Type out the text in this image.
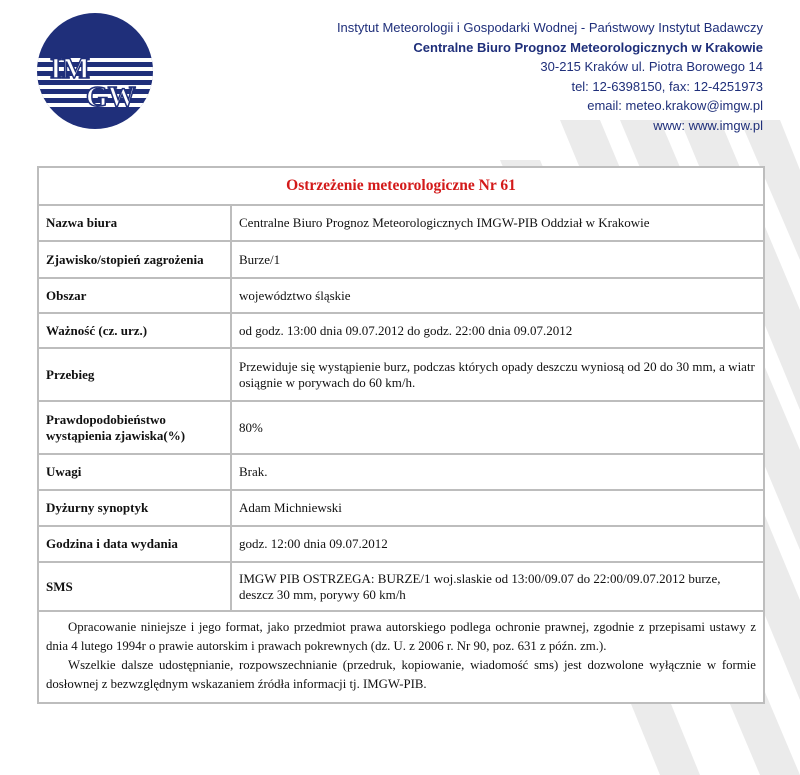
IM
GW
Instytut Meteorologii i Gospodarki Wodnej - Państwowy Instytut Badawczy
Centralne Biuro Prognoz Meteorologicznych w Krakowie
30-215 Kraków ul. Piotra Borowego 14
tel: 12-6398150, fax: 12-4251973
email: meteo.krakow@imgw.pl
www: www.imgw.pl
Ostrzeżenie meteorologiczne Nr 61	
Nazwa biura	Centralne Biuro Prognoz Meteorologicznych IMGW-PIB Oddział w Krakowie
Zjawisko/stopień zagrożenia	Burze/1
Obszar	województwo śląskie
Ważność (cz. urz.)	od godz. 13:00 dnia 09.07.2012 do godz. 22:00 dnia 09.07.2012
Przebieg	Przewiduje się wystąpienie burz, podczas których opady deszczu wyniosą od 20 do 30 mm, a wiatr osiągnie w porywach do 60 km/h.
Prawdopodobieństwo wystąpienia zjawiska(%)	80%
Uwagi	Brak.
Dyżurny synoptyk	Adam Michniewski
Godzina i data wydania	godz. 12:00 dnia 09.07.2012
SMS	IMGW PIB OSTRZEGA: BURZE/1 woj.slaskie od 13:00/09.07 do 22:00/09.07.2012 burze, deszcz 30 mm, porywy 60 km/h

Opracowanie niniejsze i jego format, jako przedmiot prawa autorskiego podlega ochronie prawnej, zgodnie z przepisami ustawy z dnia 4 lutego 1994r o prawie autorskim i prawach pokrewnych (dz. U. z 2006 r. Nr 90, poz. 631 z późn. zm.).

Wszelkie dalsze udostępnianie, rozpowszechnianie (przedruk, kopiowanie, wiadomość sms) jest dozwolone wyłącznie w formie dosłownej z bezwzględnym wskazaniem źródła informacji tj. IMGW-PIB.	
